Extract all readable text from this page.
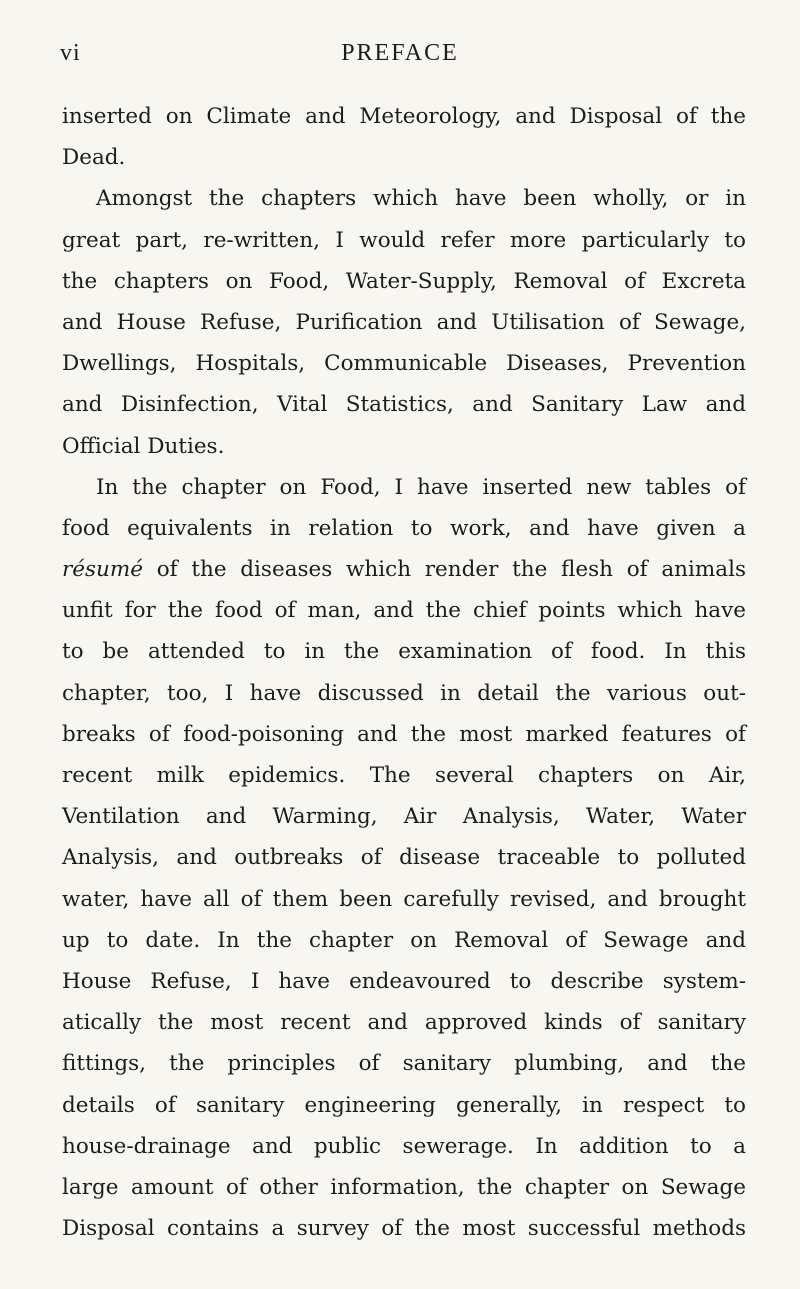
vi	PREFACE
inserted on Climate and Meteorology, and Disposal of the
Dead.
Amongst the chapters which have been wholly, or in
great part, re-written, I would refer more particularly to
the chapters on Food, Water-Supply, Removal of Excreta
and House Refuse, Purification and Utilisation of Sewage,
Dwellings, Hospitals, Communicable Diseases, Prevention
and Disinfection, Vital Statistics, and Sanitary Law and
Official Duties.
In the chapter on Food, I have inserted new tables of
food equivalents in relation to work, and have given a
résumé of the diseases which render the flesh of animals
unfit for the food of man, and the chief points which have
to be attended to in the examination of food. In this
chapter, too, I have discussed in detail the various out-
breaks of food-poisoning and the most marked features of
recent milk epidemics. The several chapters on Air,
Ventilation and Warming, Air Analysis, Water, Water
Analysis, and outbreaks of disease traceable to polluted
water, have all of them been carefully revised, and brought
up to date. In the chapter on Removal of Sewage and
House Refuse, I have endeavoured to describe system-
atically the most recent and approved kinds of sanitary
fittings, the principles of sanitary plumbing, and the
details of sanitary engineering generally, in respect to
house-drainage and public sewerage. In addition to a
large amount of other information, the chapter on Sewage
Disposal contains a survey of the most successful methods
